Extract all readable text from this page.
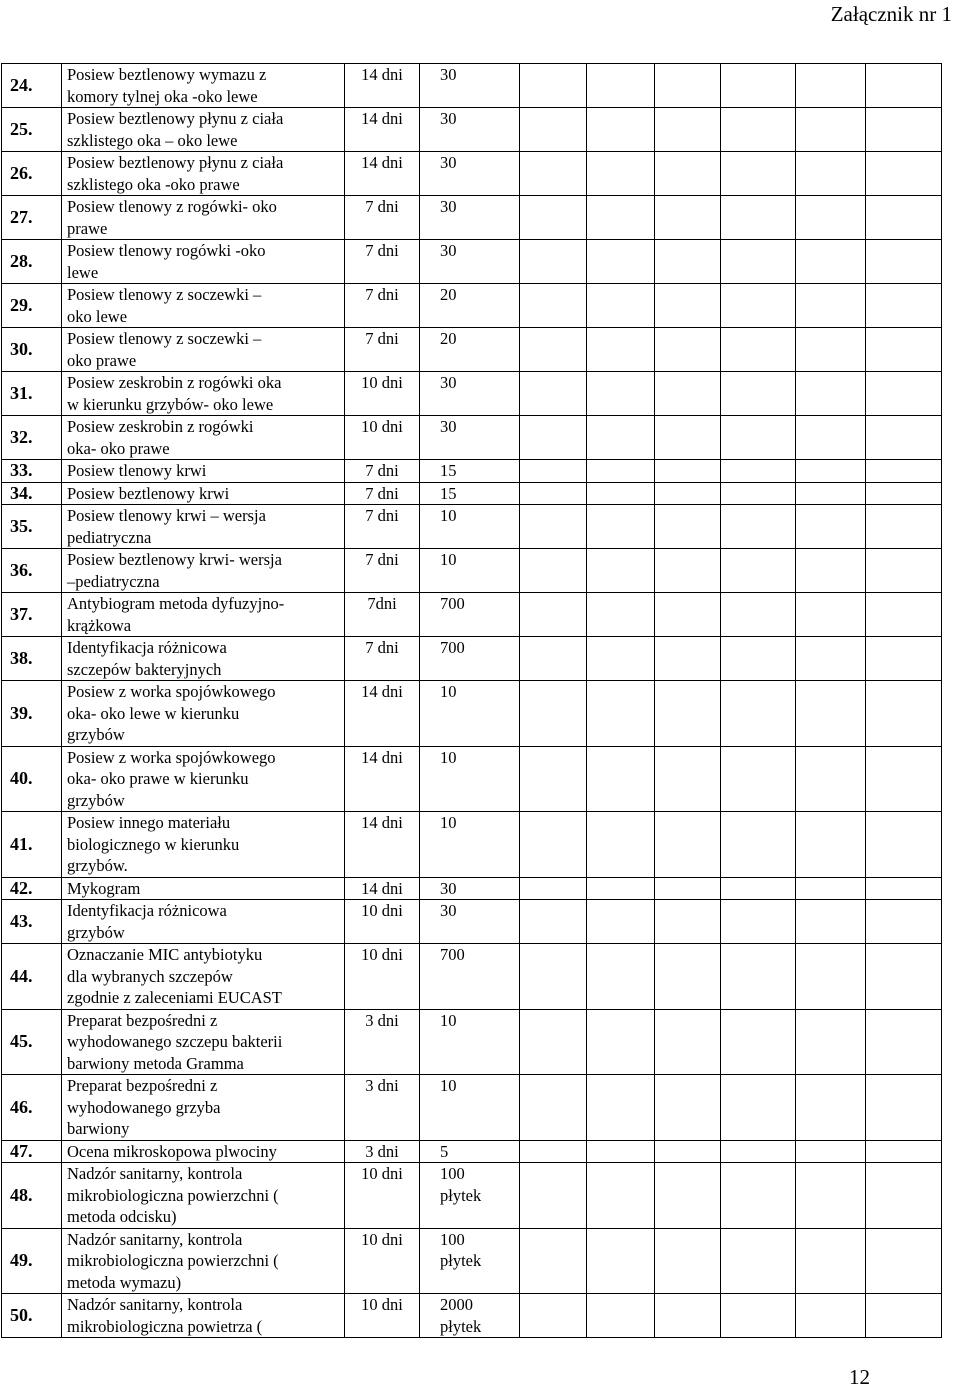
Załącznik nr 1
24.	Posiew beztlenowy wymazu z
komory tylnej oka -oko lewe	14 dni	30						
25.	Posiew beztlenowy płynu z ciała
szklistego oka – oko lewe	14 dni	30						
26.	Posiew beztlenowy płynu z ciała
szklistego oka -oko prawe	14 dni	30						
27.	Posiew tlenowy z rogówki- oko
prawe	7 dni	30						
28.	Posiew tlenowy rogówki -oko
lewe	7 dni	30						
29.	Posiew tlenowy z soczewki –
oko lewe	7 dni	20						
30.	Posiew tlenowy z soczewki –
oko prawe	7 dni	20						
31.	Posiew zeskrobin z rogówki oka
w kierunku grzybów- oko lewe	10 dni	30						
32.	Posiew zeskrobin z rogówki
oka- oko prawe	10 dni	30						
33.	Posiew tlenowy krwi	7 dni	15						
34.	Posiew beztlenowy krwi	7 dni	15						
35.	Posiew tlenowy krwi – wersja
pediatryczna	7 dni	10						
36.	Posiew beztlenowy krwi- wersja
–pediatryczna	7 dni	10						
37.	Antybiogram metoda dyfuzyjno-
krążkowa	7dni	700						
38.	Identyfikacja różnicowa
szczepów bakteryjnych	7 dni	700						
39.	Posiew z worka spojówkowego
oka- oko lewe w kierunku
grzybów	14 dni	10						
40.	Posiew z worka spojówkowego
oka- oko prawe w kierunku
grzybów	14 dni	10						
41.	Posiew innego materiału
biologicznego w kierunku
grzybów.	14 dni	10						
42.	Mykogram	14 dni	30						
43.	Identyfikacja różnicowa
grzybów	10 dni	30						
44.	Oznaczanie MIC antybiotyku
dla wybranych szczepów
zgodnie z zaleceniami EUCAST	10 dni	700						
45.	Preparat bezpośredni z
wyhodowanego szczepu bakterii
barwiony metoda Gramma	3 dni	10						
46.	Preparat bezpośredni z
wyhodowanego grzyba
barwiony	3 dni	10						
47.	Ocena mikroskopowa plwociny	3 dni	5						
48.	Nadzór sanitarny, kontrola
mikrobiologiczna powierzchni (
metoda odcisku)	10 dni	100
płytek						
49.	Nadzór sanitarny, kontrola
mikrobiologiczna powierzchni (
metoda wymazu)	10 dni	100
płytek						
50.	Nadzór sanitarny, kontrola
mikrobiologiczna powietrza (	10 dni	2000
płytek						
12
